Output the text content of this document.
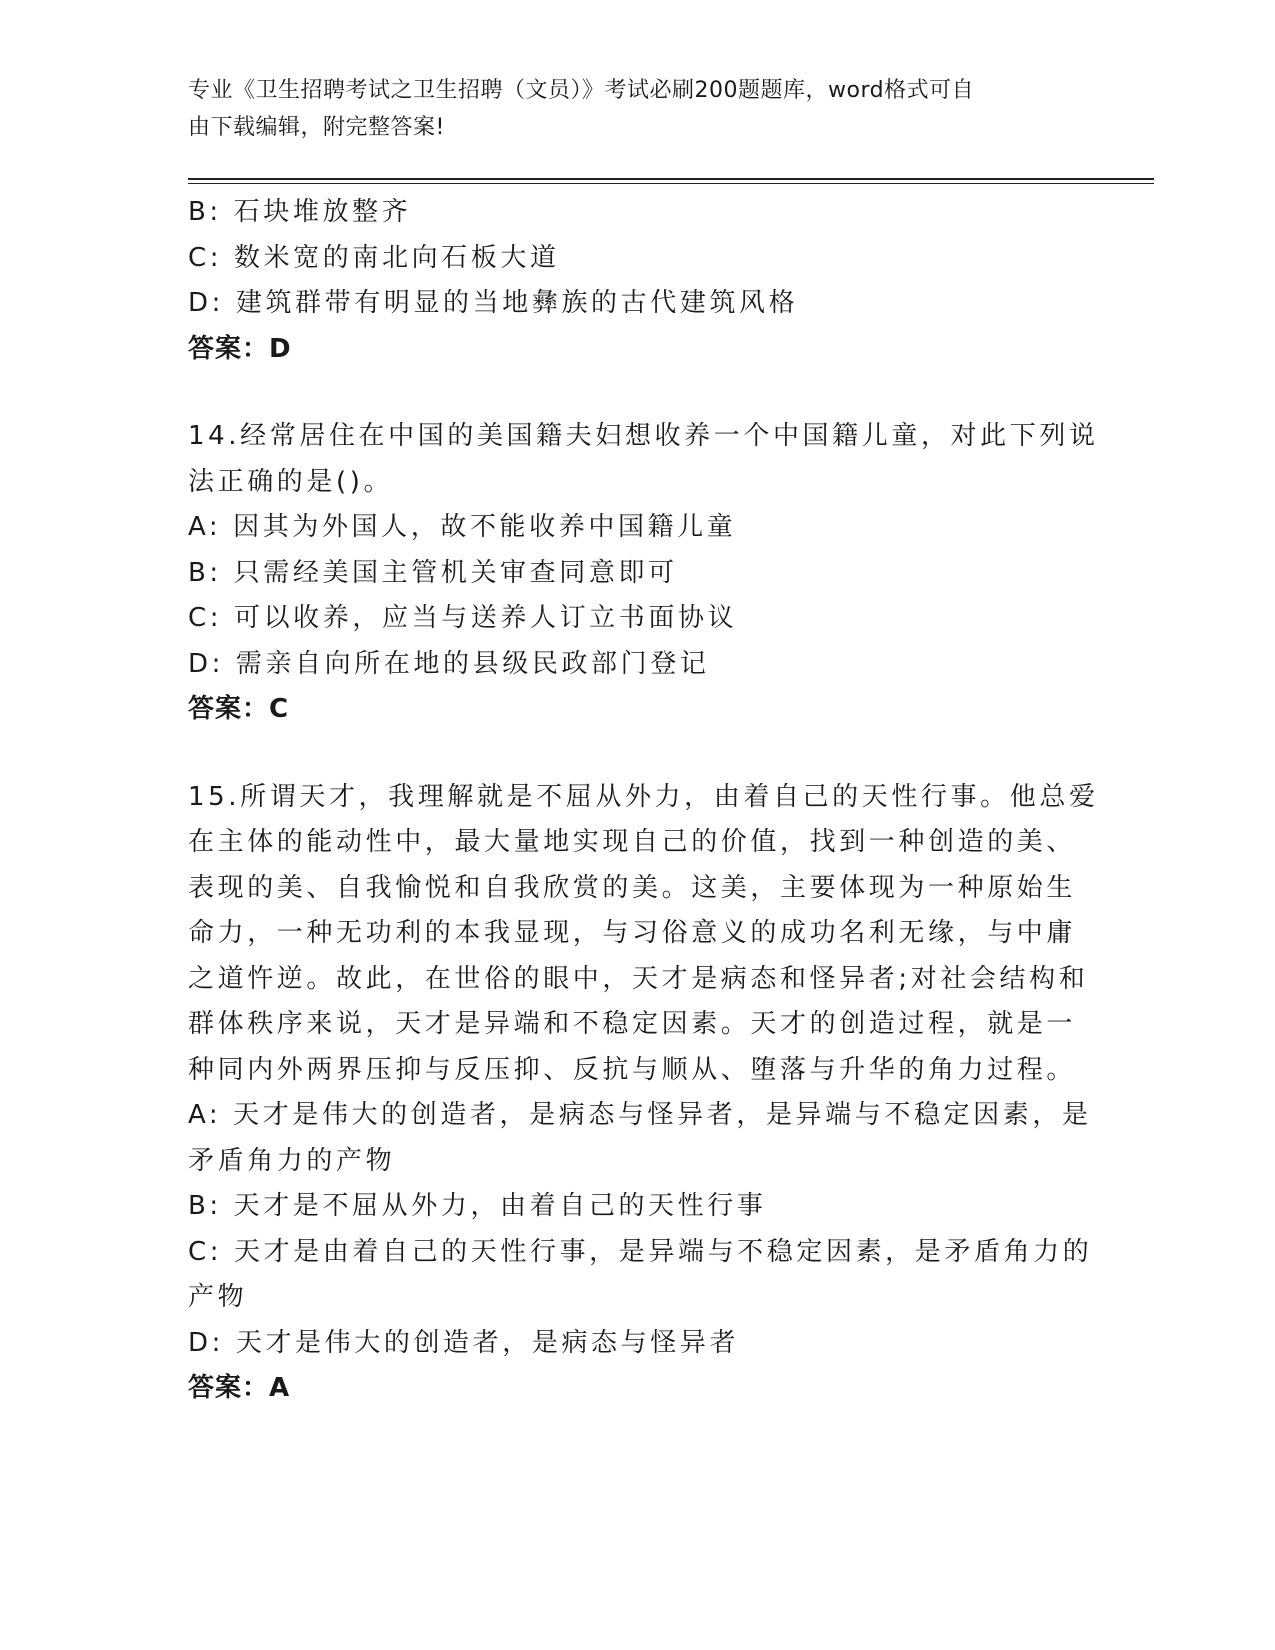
专业《卫生招聘考试之卫生招聘（文员）》考试必刷200题题库，word格式可自
由下载编辑，附完整答案!
B: 石块堆放整齐
C: 数米宽的南北向石板大道
D: 建筑群带有明显的当地彝族的古代建筑风格
答案：D
14.经常居住在中国的美国籍夫妇想收养一个中国籍儿童，对此下列说
法正确的是()。
A: 因其为外国人，故不能收养中国籍儿童
B: 只需经美国主管机关审查同意即可
C: 可以收养，应当与送养人订立书面协议
D: 需亲自向所在地的县级民政部门登记
答案：C
15.所谓天才，我理解就是不屈从外力，由着自己的天性行事。他总爱
在主体的能动性中，最大量地实现自己的价值，找到一种创造的美、
表现的美、自我愉悦和自我欣赏的美。这美，主要体现为一种原始生
命力，一种无功利的本我显现，与习俗意义的成功名利无缘，与中庸
之道忤逆。故此，在世俗的眼中，天才是病态和怪异者;对社会结构和
群体秩序来说，天才是异端和不稳定因素。天才的创造过程，就是一
种同内外两界压抑与反压抑、反抗与顺从、堕落与升华的角力过程。
A: 天才是伟大的创造者，是病态与怪异者，是异端与不稳定因素，是
矛盾角力的产物
B: 天才是不屈从外力，由着自己的天性行事
C: 天才是由着自己的天性行事，是异端与不稳定因素，是矛盾角力的
产物
D: 天才是伟大的创造者，是病态与怪异者
答案：A
